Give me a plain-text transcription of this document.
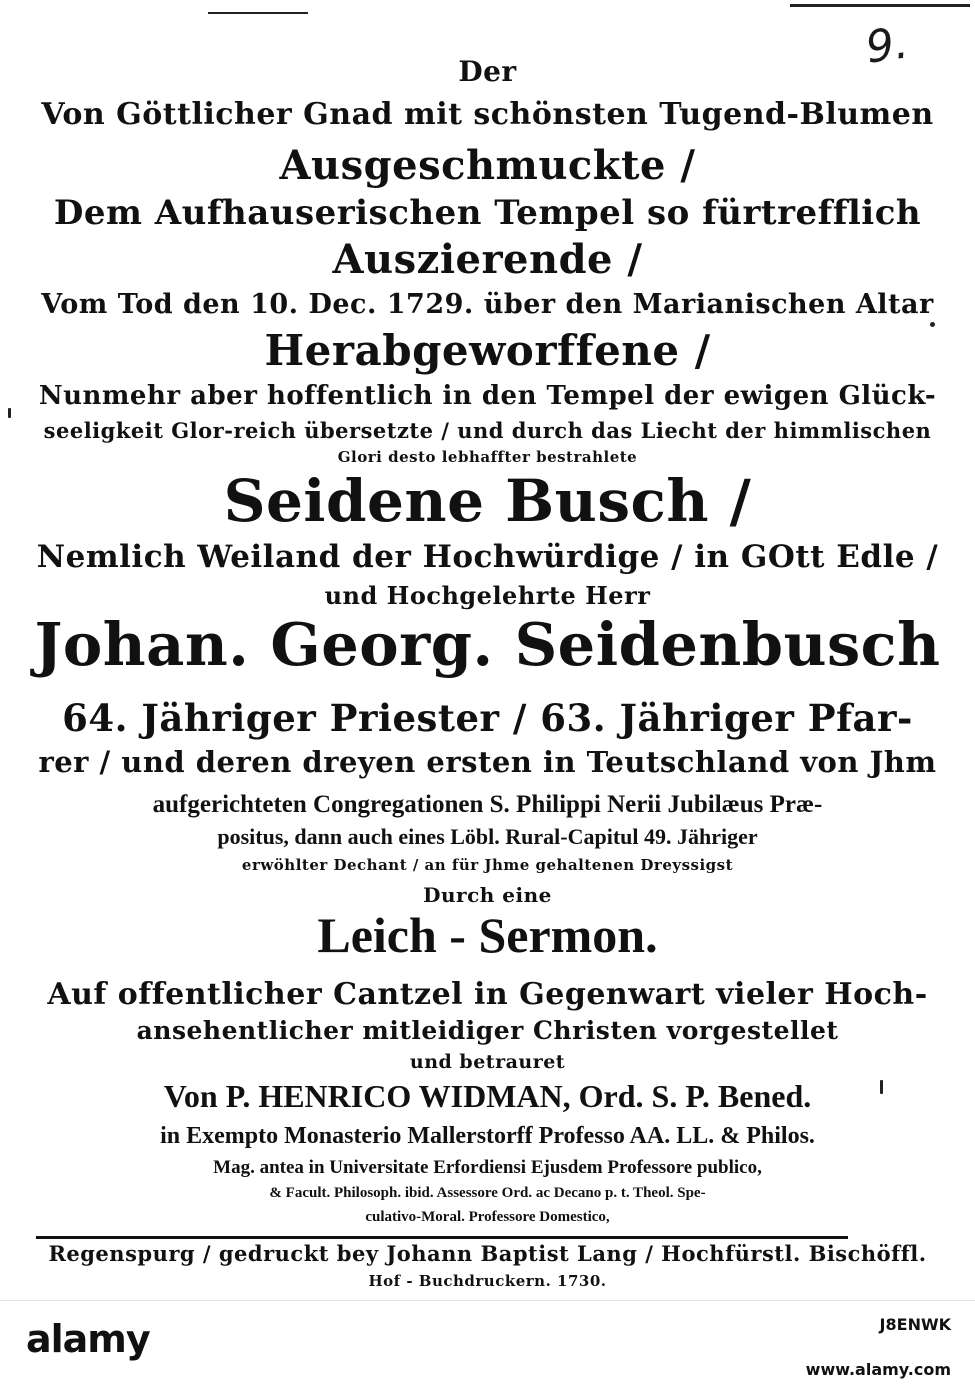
9.
Der
Von Göttlicher Gnad mit schönsten Tugend-Blumen
Ausgeschmuckte /
Dem Aufhauserischen Tempel so fürtrefflich
Auszierende /
Vom Tod den 10. Dec. 1729. über den Marianischen Altar
Herabgeworffene /
Nunmehr aber hoffentlich in den Tempel der ewigen Glück-
seeligkeit Glor-reich übersetzte / und durch das Liecht der himmlischen
Glori desto lebhaffter bestrahlete
Seidene Busch /
Nemlich Weiland der Hochwürdige / in GOtt Edle /
und Hochgelehrte Herr
Johan. Georg. Seidenbusch
64. Jähriger Priester / 63. Jähriger Pfar-
rer / und deren dreyen ersten in Teutschland von Jhm
aufgerichteten Congregationen S. Philippi Nerii Jubilæus Præ-
positus, dann auch eines Löbl. Rural-Capitul 49. Jähriger
erwöhlter Dechant / an für Jhme gehaltenen Dreyssigst
Durch eine
Leich - Sermon.
Auf offentlicher Cantzel in Gegenwart vieler Hoch-
ansehentlicher mitleidiger Christen vorgestellet
und betrauret
Von P. HENRICO WIDMAN, Ord. S. P. Bened.
in Exempto Monasterio Mallerstorff Professo AA. LL. & Philos.
Mag. antea in Universitate Erfordiensi Ejusdem Professore publico,
& Facult. Philosoph. ibid. Assessore Ord. ac Decano p. t. Theol. Spe-
culativo-Moral. Professore Domestico,
Regenspurg / gedruckt bey Johann Baptist Lang / Hochfürstl. Bischöffl.
Hof - Buchdruckern. 1730.
alamy	J8ENWK
www.alamy.com
